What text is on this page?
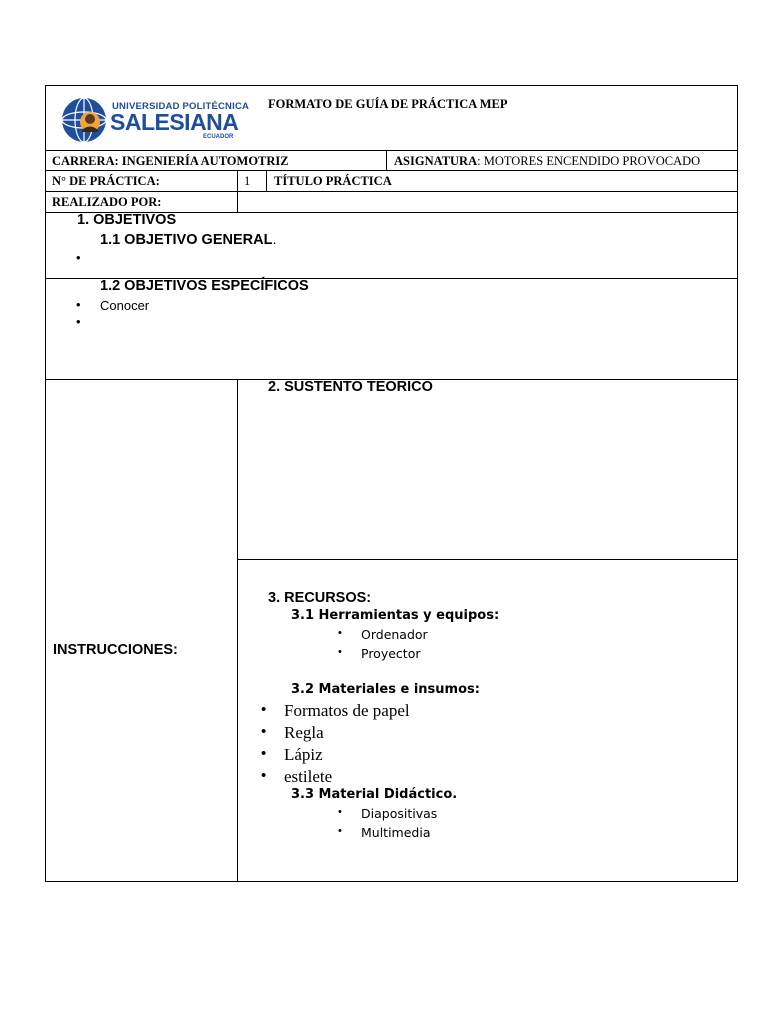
UNIVERSIDAD POLITÉCNICA
SALESIANA
ECUADOR
FORMATO DE GUÍA DE PRÁCTICA MEP
CARRERA: INGENIERÍA AUTOMOTRIZ	ASIGNATURA: MOTORES ENCENDIDO PROVOCADO
N° DE PRÁCTICA:	1 TÍTULO PRÁCTICA
REALIZADO POR:
1. OBJETIVOS
1.1 OBJETIVO GENERAL.
•
1.2 OBJETIVOS ESPECÍFICOS
• Conocer
•
INSTRUCCIONES:
2. SUSTENTO TEORICO
3. RECURSOS:
3.1 Herramientas y equipos:
• Ordenador
• Proyector
3.2 Materiales e insumos:
• Formatos de papel
• Regla
• Lápiz
• estilete
3.3 Material Didáctico.
• Diapositivas
• Multimedia
